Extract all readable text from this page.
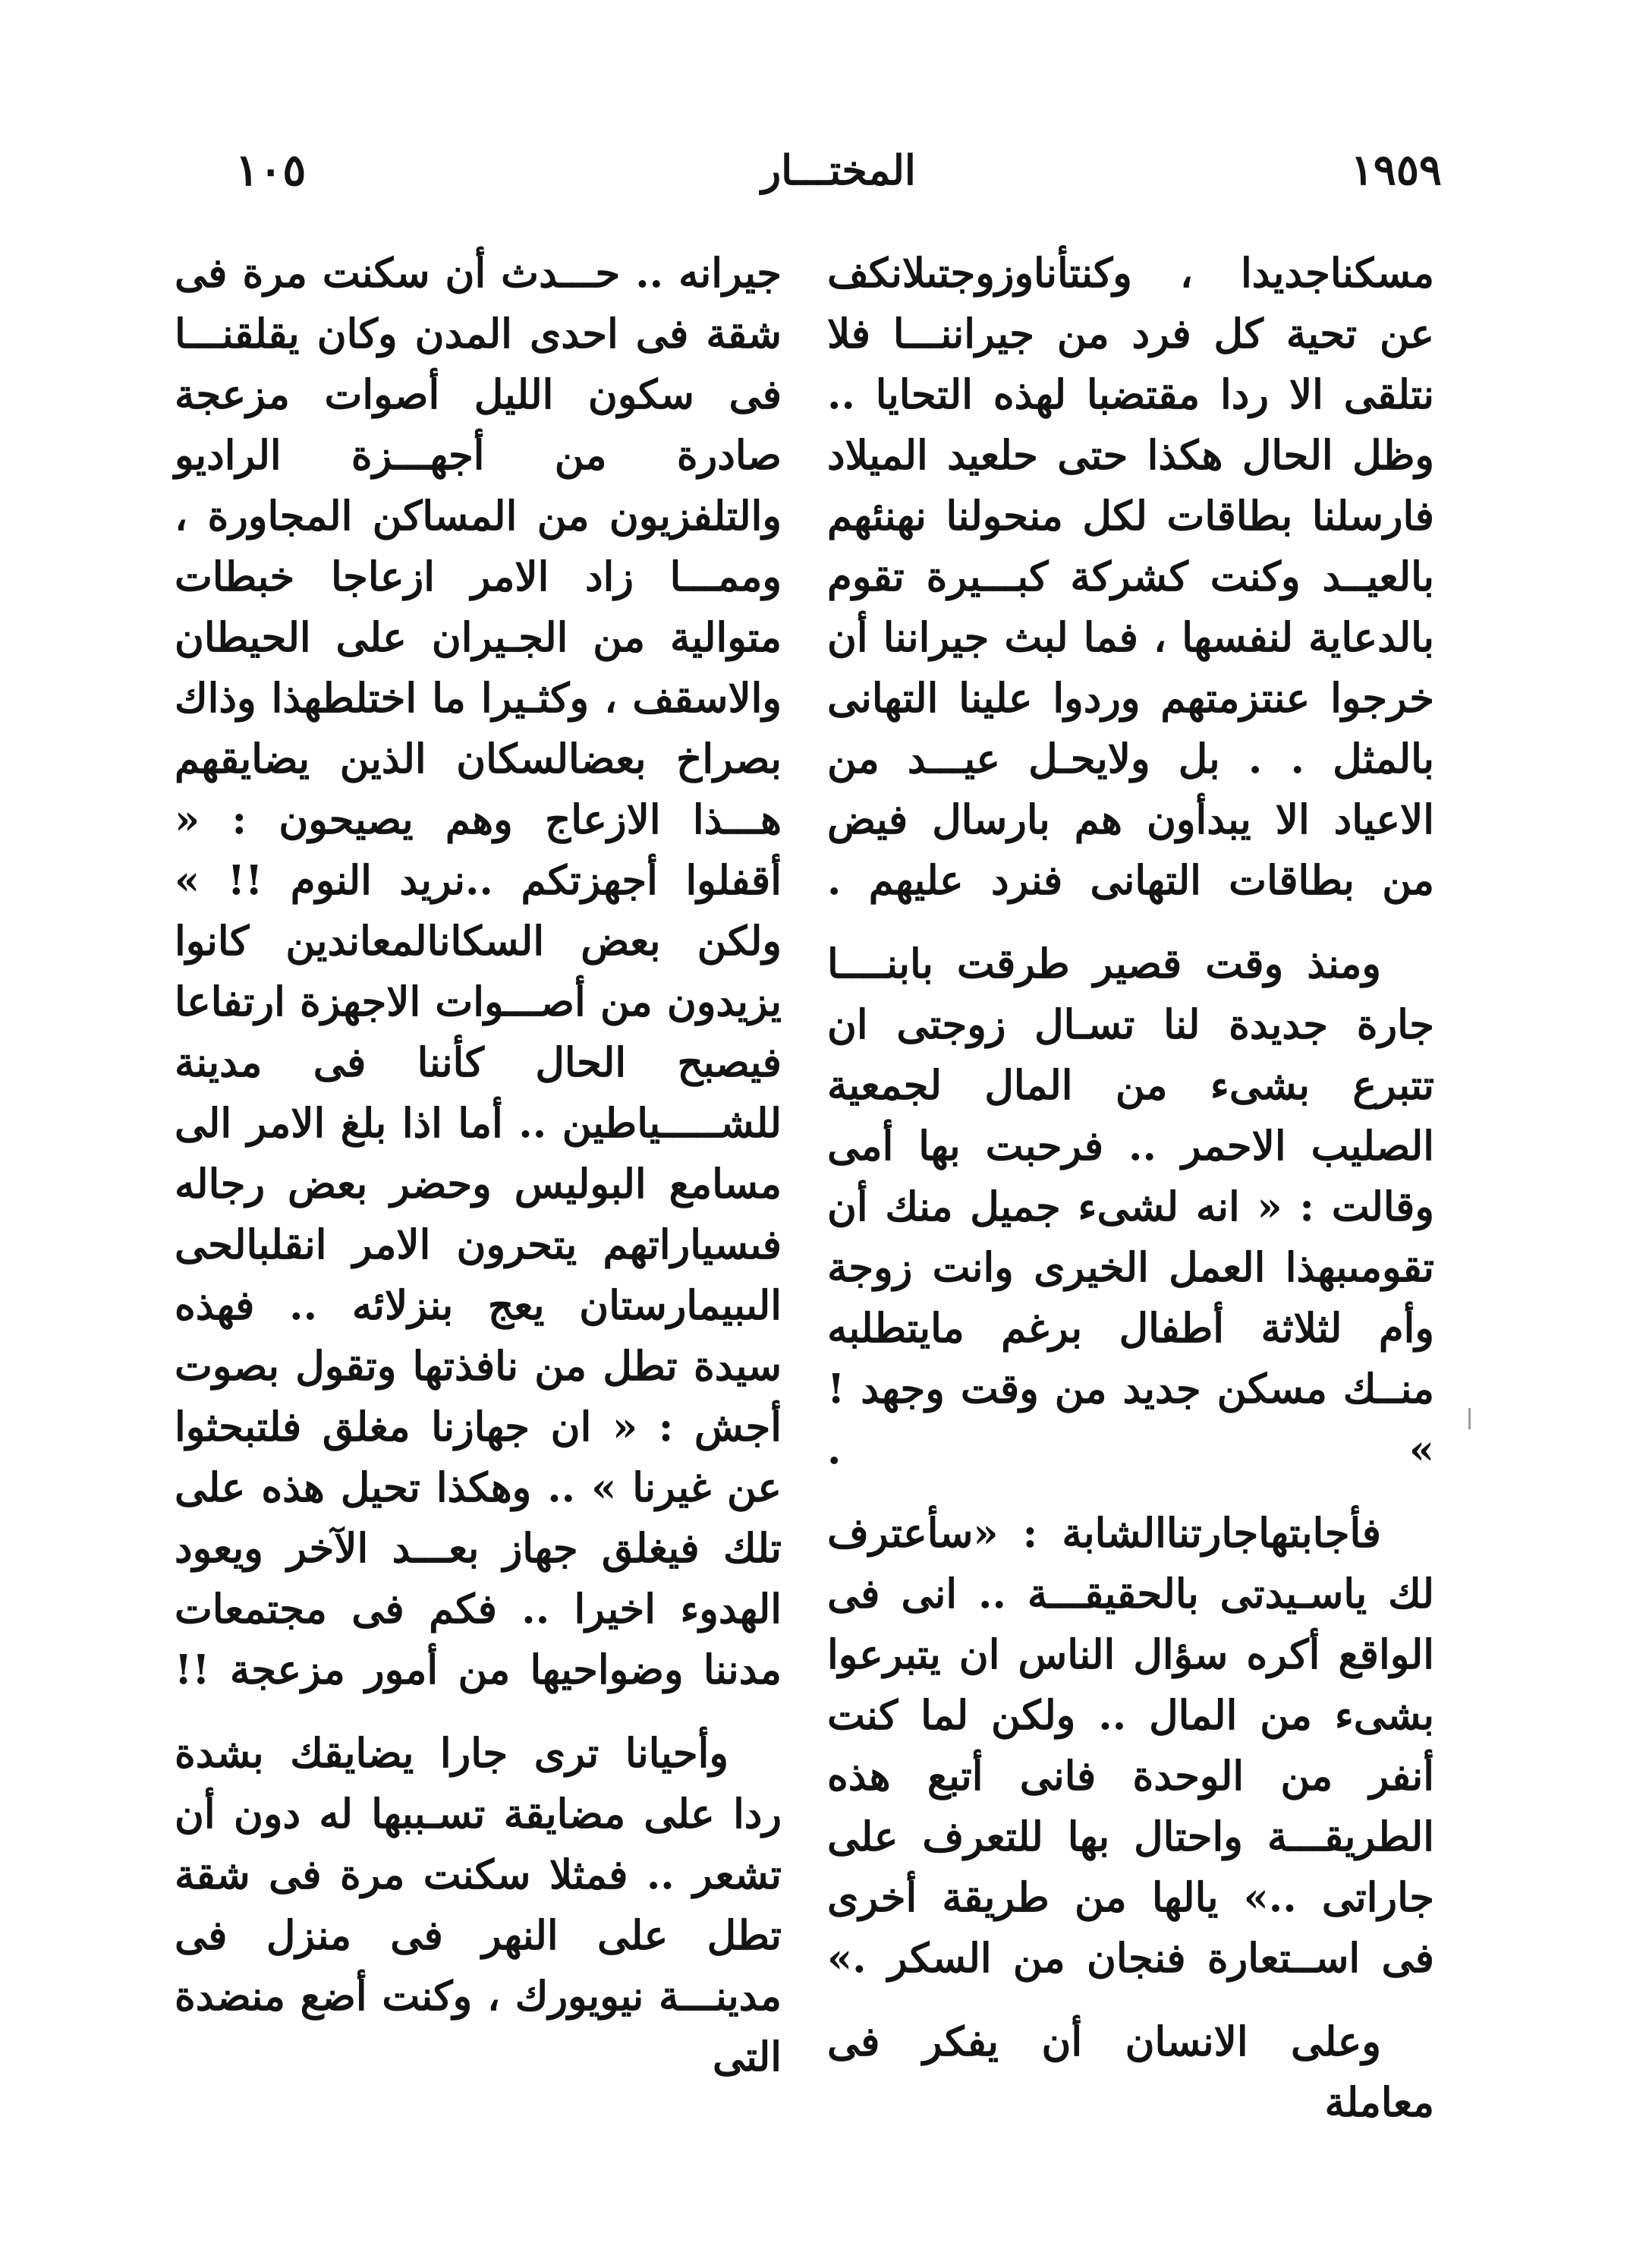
١٠٥	المختـــار	١٩٥٩

مسكناجديدا ، وكنتأناوزوجتىلانكف عن تحية كل فرد من جيراننـــا فلا نتلقى الا ردا مقتضبا لهذه التحايا .. وظل الحال هكذا حتى حلعيد الميلاد فارسلنا بطاقات لكل منحولنا نهنئهم بالعيــد وكنت كشركة كبـــيرة تقوم بالدعاية لنفسها ، فما لبث جيراننا أن خرجوا عنتزمتهم وردوا علينا التهانى بالمثل . . بل ولايحـل عيـــد من الاعياد الا يبدأون هم بارسال فيض من بطاقات التهانى فنرد عليهم .

ومنذ وقت قصير طرقت بابنــــا جارة جديدة لنا تسـال زوجتى ان تتبرع بشىء من المال لجمعية الصليب الاحمر .. فرحبت بها أمى وقالت : « انه لشىء جميل منك أن تقومىبهذا العمل الخيرى وانت زوجة وأم لثلاثة أطفال برغم مايتطلبه منــك مسكن جديد من وقت وجهد ! » .

فأجابتهاجارتناالشابة : «سأعترف لك ياسـيدتى بالحقيقـــة .. انى فى الواقع أكره سؤال الناس ان يتبرعوا بشىء من المال .. ولكن لما كنت أنفر من الوحدة فانى أتبع هذه الطريقـــة واحتال بها للتعرف على جاراتى ..» يالها من طريقة أخرى فى اســتعارة فنجان من السكر .»

وعلى الانسان أن يفكر فى معاملة

جيرانه .. حـــدث أن سكنت مرة فى شقة فى احدى المدن وكان يقلقنـــا فى سكون الليل أصوات مزعجة صادرة من أجهـــزة الراديو والتلفزيون من المساكن المجاورة ، وممـــا زاد الامر ازعاجا خبطات متوالية من الجـيران على الحيطان والاسقف ، وكثـيرا ما اختلطهذا وذاك بصراخ بعضالسكان الذين يضايقهم هـــذا الازعاج وهم يصيحون : « أقفلوا أجهزتكم ..نريد النوم !! » ولكن بعض السكانالمعاندين كانوا يزيدون من أصـــوات الاجهزة ارتفاعا فيصبح الحال كأننا فى مدينة للشـــــياطين .. أما اذا بلغ الامر الى مسامع البوليس وحضر بعض رجاله فىسياراتهم يتحرون الامر انقلبالحى الىبيمارستان يعج بنزلائه .. فهذه سيدة تطل من نافذتها وتقول بصوت أجش : « ان جهازنا مغلق فلتبحثوا عن غيرنا » .. وهكذا تحيل هذه على تلك فيغلق جهاز بعـــد الآخر ويعود الهدوء اخيرا .. فكم فى مجتمعات مدننا وضواحيها من أمور مزعجة !!

وأحيانا ترى جارا يضايقك بشدة ردا على مضايقة تسـببها له دون أن تشعر .. فمثلا سكنت مرة فى شقة تطل على النهر فى منزل فى مدينـــة نيويورك ، وكنت أضع منضدة التى
